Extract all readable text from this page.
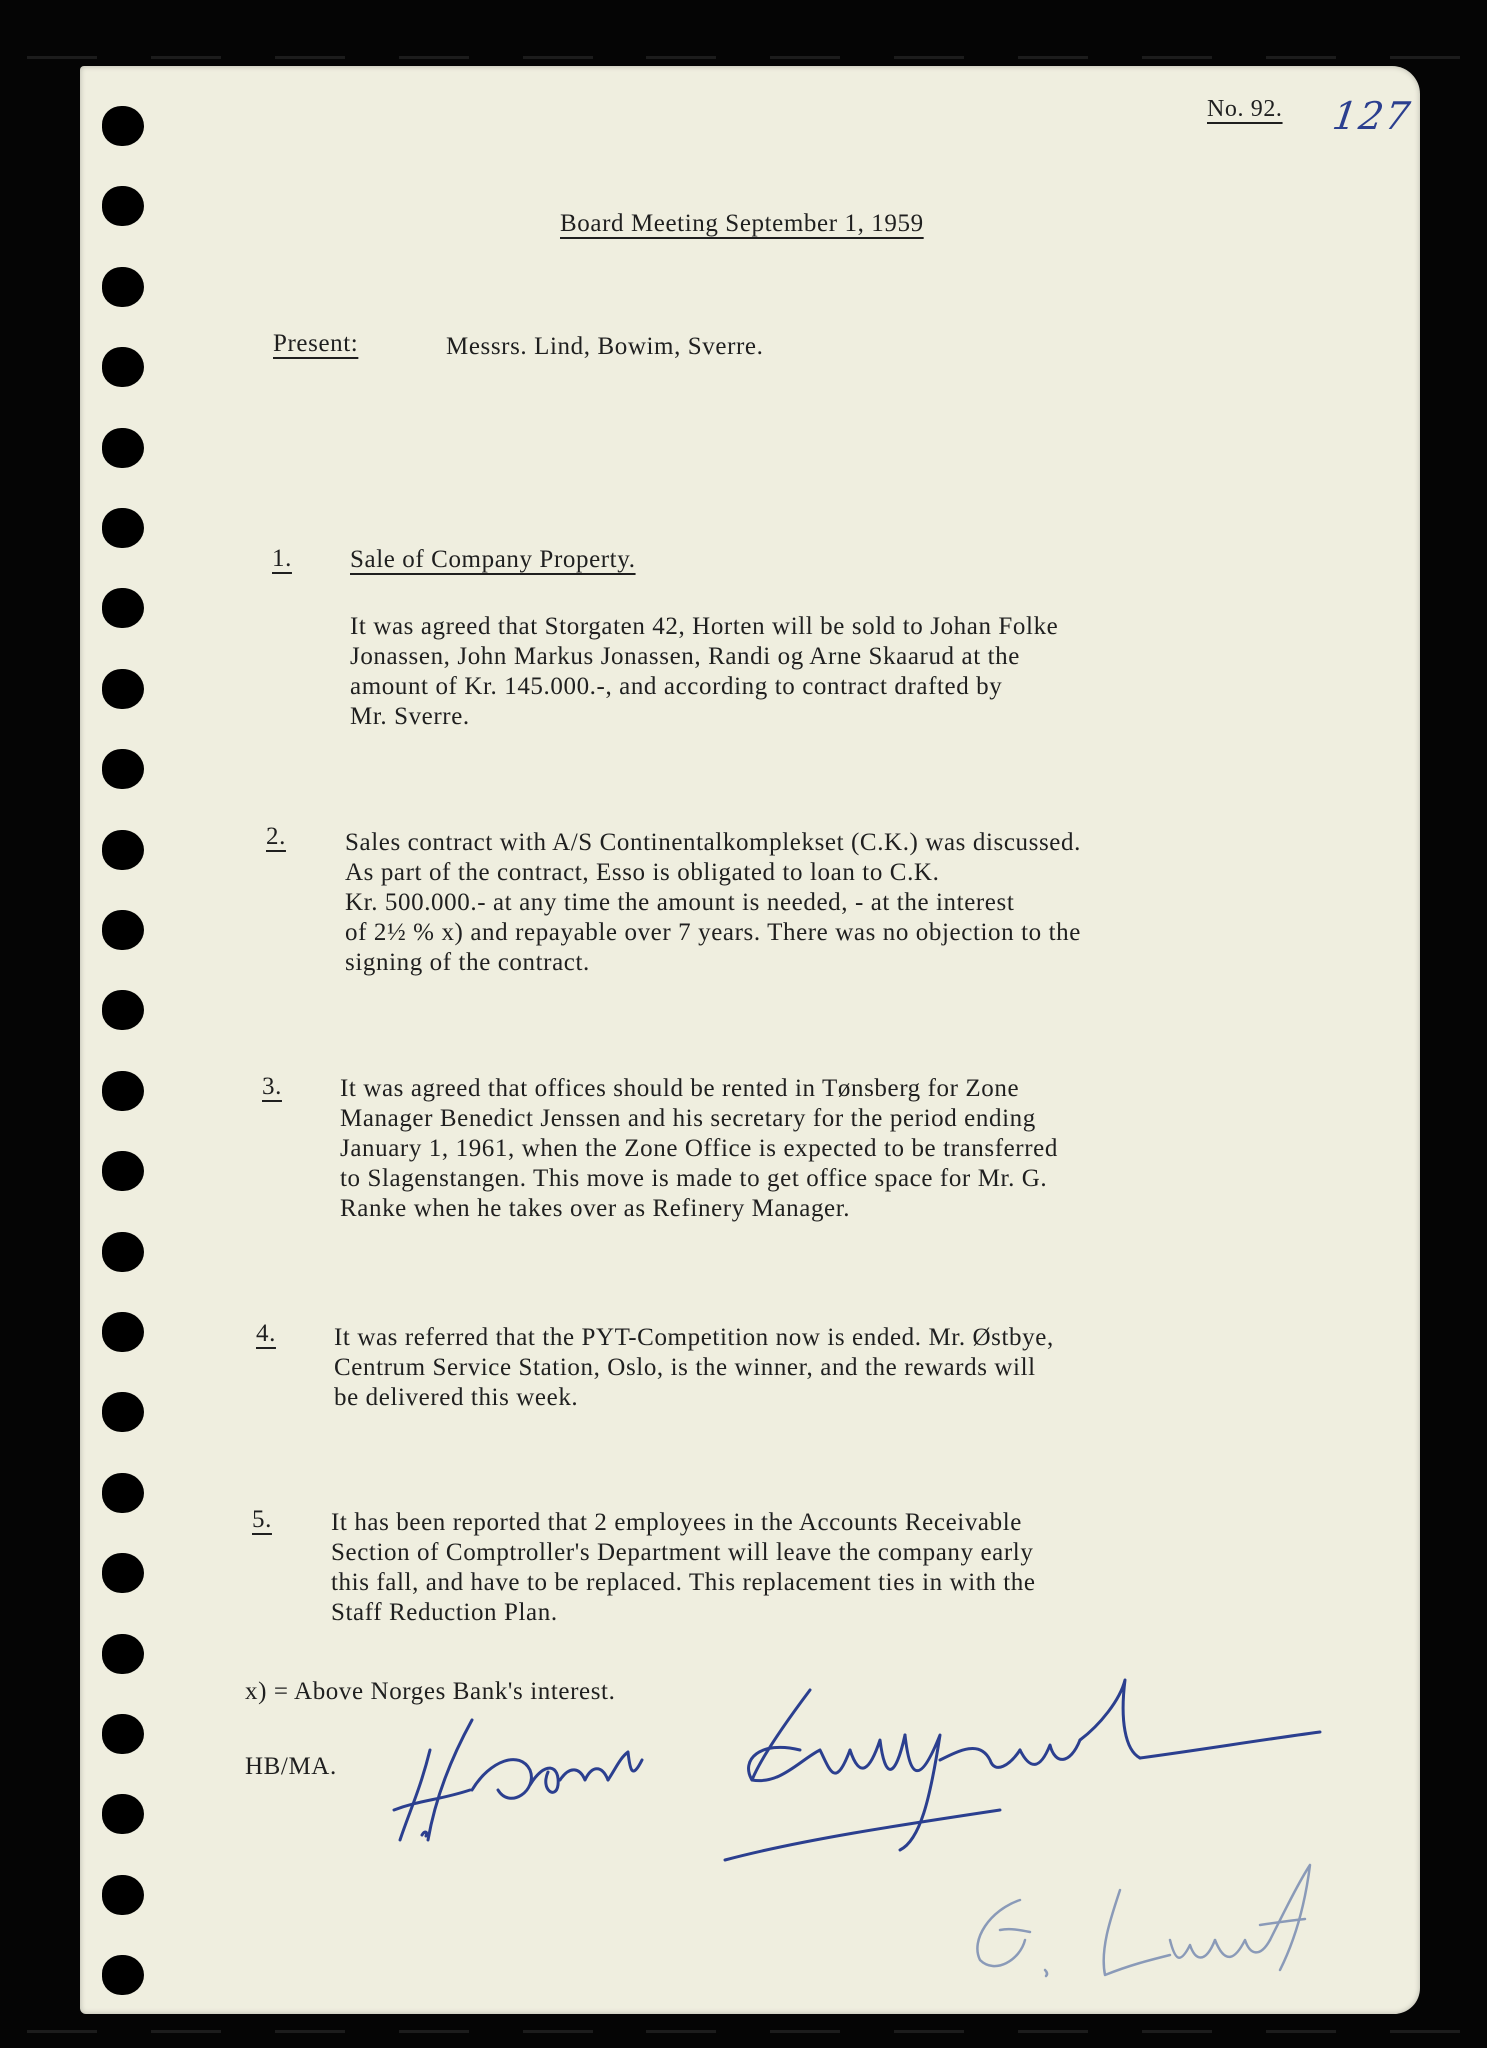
No. 92. 127
Board Meeting September 1, 1959
Present:	Messrs. Lind, Bowim, Sverre.
1. Sale of Company Property.
It was agreed that Storgaten 42, Horten will be sold to Johan Folke
Jonassen, John Markus Jonassen, Randi og Arne Skaarud at the
amount of Kr. 145.000.-, and according to contract drafted by
Mr. Sverre.
2. Sales contract with A/S Continentalkomplekset (C.K.) was discussed.
As part of the contract, Esso is obligated to loan to C.K.
Kr. 500.000.- at any time the amount is needed, - at the interest
of 2½ % x) and repayable over 7 years. There was no objection to the
signing of the contract.
3. It was agreed that offices should be rented in Tønsberg for Zone
Manager Benedict Jenssen and his secretary for the period ending
January 1, 1961, when the Zone Office is expected to be transferred
to Slagenstangen. This move is made to get office space for Mr. G.
Ranke when he takes over as Refinery Manager.
4. It was referred that the PYT-Competition now is ended. Mr. Østbye,
Centrum Service Station, Oslo, is the winner, and the rewards will
be delivered this week.
5. It has been reported that 2 employees in the Accounts Receivable
Section of Comptroller's Department will leave the company early
this fall, and have to be replaced. This replacement ties in with the
Staff Reduction Plan.
x) = Above Norges Bank's interest.
HB/MA.
